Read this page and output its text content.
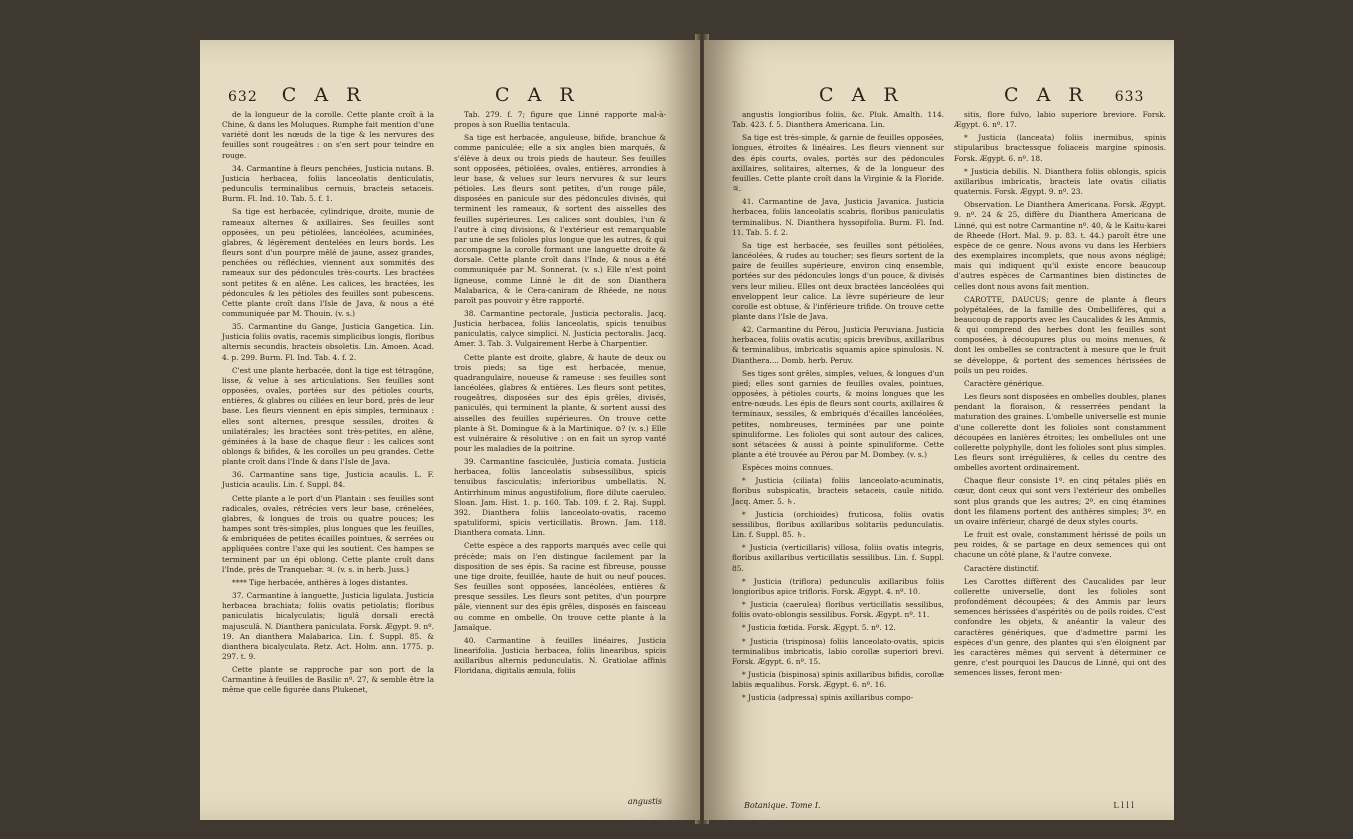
632 C A R	C A R

de la longueur de la corolle. Cette plante croît à la Chine, & dans les Moluques. Rumphe fait mention d'une variété dont les nœuds de la tige & les nervures des feuilles sont rougeâtres : on s'en sert pour teindre en rouge.

34. Carmantine à fleurs penchées, Justicia nutans. B. Justicia herbacea, foliis lanceolatis denticulatis, pedunculis terminalibus cernuis, bracteis setaceis. Burm. Fl. Ind. 10. Tab. 5. f. 1.

Sa tige est herbacée, cylindrique, droite, munie de rameaux alternes & axillaires. Ses feuilles sont opposées, un peu pétiolées, lancéolées, acuminées, glabres, & légèrement dentelées en leurs bords. Les fleurs sont d'un pourpre mêlé de jaune, assez grandes, penchées ou réfléchies, viennent aux sommités des rameaux sur des pédoncules très-courts. Les bractées sont petites & en alêne. Les calices, les bractées, les pédoncules & les pétioles des feuilles sont pubescens. Cette plante croît dans l'Isle de Java, & nous a été communiquée par M. Thouin. (v. s.)

35. Carmantine du Gange, Justicia Gangetica. Lin. Justicia foliis ovatis, racemis simplicibus longis, floribus alternis secundis, bracteis obsoletis. Lin. Amoen. Acad. 4. p. 299. Burm. Fl. Ind. Tab. 4. f. 2.

C'est une plante herbacée, dont la tige est tétragône, lisse, & velue à ses articulations. Ses feuilles sont opposées, ovales, portées sur des pétioles courts, entières, & glabres ou ciliées en leur bord, près de leur base. Les fleurs viennent en épis simples, terminaux : elles sont alternes, presque sessiles, droites & unilatérales; les bractées sont très-petites, en alêne, géminées à la base de chaque fleur : les calices sont oblongs & bifides, & les corolles un peu grandes. Cette plante croît dans l'Inde & dans l'Isle de Java.

36. Carmantine sans tige, Justicia acaulis. L. F. Justicia acaulis. Lin. f. Suppl. 84.

Cette plante a le port d'un Plantain : ses feuilles sont radicales, ovales, rétrécies vers leur base, crénelées, glabres, & longues de trois ou quatre pouces; les hampes sont très-simples, plus longues que les feuilles, & embriquées de petites écailles pointues, & serrées ou appliquées contre l'axe qui les soutient. Ces hampes se terminent par un épi oblong. Cette plante croît dans l'Inde, près de Tranquebar. ♃. (v. s. in herb. Juss.)

**** Tige herbacée, anthères à loges distantes.

37. Carmantine à languette, Justicia ligulata. Justicia herbacea brachiata; foliis ovatis petiolatis; floribus paniculatis bicalyculatis; ligulâ dorsali erectâ majusculâ. N. Dianthera paniculata. Forsk. Ægypt. 9. nº. 19. An dianthera Malabarica. Lin. f. Suppl. 85. & dianthera bicalyculata. Retz. Act. Holm. ann. 1775. p. 297. t. 9.

Cette plante se rapproche par son port de la Carmantine à feuilles de Basilic nº. 27, & semble être la même que celle figurée dans Plukenet,

Tab. 279. f. 7; figure que Linné rapporte mal-à-propos à son Ruellia tentacula.

Sa tige est herbacée, anguleuse, bifide, branchue & comme paniculée; elle a six angles bien marqués, & s'élève à deux ou trois pieds de hauteur. Ses feuilles sont opposées, pétiolées, ovales, entières, arrondies à leur base, & velues sur leurs nervures & sur leurs pétioles. Les fleurs sont petites, d'un rouge pâle, disposées en panicule sur des pédoncules divisés, qui terminent les rameaux, & sortent des aisselles des feuilles supérieures. Les calices sont doubles, l'un & l'autre à cinq divisions, & l'extérieur est remarquable par une de ses folioles plus longue que les autres, & qui accompagne la corolle formant une languette droite & dorsale. Cette plante croît dans l'Inde, & nous a été communiquée par M. Sonnerat. (v. s.) Elle n'est point ligneuse, comme Linné le dit de son Dianthera Malabarica, & le Cera-caniram de Rhéede, ne nous paroît pas pouvoir y être rapporté.

38. Carmantine pectorale, Justicia pectoralis. Jacq. Justicia herbacea, foliis lanceolatis, spicis tenuibus paniculatis, calyce simplici. N. Justicia pectoralis. Jacq. Amer. 3. Tab. 3. Vulgairement Herbe à Charpentier.

Cette plante est droite, glabre, & haute de deux ou trois pieds; sa tige est herbacée, menue, quadrangulaire, noueuse & rameuse : ses feuilles sont lancéolées, glabres & entières. Les fleurs sont petites, rougeâtres, disposées sur des épis grêles, divisés, paniculés, qui terminent la plante, & sortent aussi des aisselles des feuilles supérieures. On trouve cette plante à St. Domingue & à la Martinique. ⊙? (v. s.) Elle est vulnéraire & résolutive : on en fait un syrop vanté pour les maladies de la poitrine.

39. Carmantine fasciculée, Justicia comata. Justicia herbacea, foliis lanceolatis subsessilibus, spicis tenuibus fasciculatis; inferioribus umbellatis. N. Antirrhinum minus angustifolium, flore dilute caeruleo. Sloan. Jam. Hist. 1. p. 160. Tab. 109. f. 2. Raj. Suppl. 392. Dianthera foliis lanceolato-ovatis, racemo spatuliformi, spicis verticillatis. Brown. Jam. 118. Dianthera comata. Linn.

Cette espèce a des rapports marqués avec celle qui précède; mais on l'en distingue facilement par la disposition de ses épis. Sa racine est fibreuse, pousse une tige droite, feuillée, haute de huit ou neuf pouces. Ses feuilles sont opposées, lancéolées, entières & presque sessiles. Les fleurs sont petites, d'un pourpre pâle, viennent sur des épis grêles, disposés en faisceau ou comme en ombelle. On trouve cette plante à la Jamaïque.

40. Carmantine à feuilles linéaires, Justicia linearifolia. Justicia herbacea, foliis linearibus, spicis axillaribus alternis pedunculatis. N. Gratiolae affinis Floridana, digitalis æmula, foliis

angustis
C A R	C A R 633

angustis longioribus foliis, &c. Pluk. Amalth. 114. Tab. 423. f. 5. Dianthera Americana. Lin.

Sa tige est très-simple, & garnie de feuilles opposées, longues, étroites & linéaires. Les fleurs viennent sur des épis courts, ovales, portés sur des pédoncules axillaires, solitaires, alternes, & de la longueur des feuilles. Cette plante croît dans la Virginie & la Floride. ♃.

41. Carmantine de Java, Justicia Javanica. Justicia herbacea, foliis lanceolatis scabris, floribus paniculatis terminalibus. N. Dianthera hyssopifolia. Burm. Fl. Ind. 11. Tab. 5. f. 2.

Sa tige est herbacée, ses feuilles sont pétiolées, lancéolées, & rudes au toucher; ses fleurs sortent de la paire de feuilles supérieure, environ cinq ensemble, portées sur des pédoncules longs d'un pouce, & divisés vers leur milieu. Elles ont deux bractées lancéolées qui enveloppent leur calice. La lèvre supérieure de leur corolle est obtuse, & l'inférieure trifide. On trouve cette plante dans l'Isle de Java.

42. Carmantine du Pérou, Justicia Peruviana. Justicia herbacea, foliis ovatis acutis; spicis brevibus, axillaribus & terminalibus, imbricatis squamis apice spinulosis. N. Dianthera.... Domb. herb. Peruv.

Ses tiges sont grêles, simples, velues, & longues d'un pied; elles sont garnies de feuilles ovales, pointues, opposées, à pétioles courts, & moins longues que les entre-nœuds. Les épis de fleurs sont courts, axillaires & terminaux, sessiles, & embriqués d'écailles lancéolées, petites, nombreuses, terminées par une pointe spinuliforme. Les folioles qui sont autour des calices, sont sétacées & aussi à pointe spinuliforme. Cette plante a été trouvée au Pérou par M. Dombey. (v. s.)

Espèces moins connues.

* Justicia (ciliata) foliis lanceolato-acuminatis, floribus subspicatis, bracteis setaceis, caule nitido. Jacq. Amer. 5. ♄.

* Justicia (orchioides) fruticosa, foliis ovatis sessilibus, floribus axillaribus solitariis pedunculatis. Lin. f. Suppl. 85. ♄.

* Justicia (verticillaris) villosa, foliis ovatis integris, floribus axillaribus verticillatis sessilibus. Lin. f. Suppl. 85.

* Justicia (triflora) pedunculis axillaribus foliis longioribus apice trifloris. Forsk. Ægypt. 4. nº. 10.

* Justicia (caerulea) floribus verticillatis sessilibus, foliis ovato-oblongis sessilibus. Forsk. Ægypt. nº. 11.

* Justicia fœtida. Forsk. Ægypt. 5. nº. 12.

* Justicia (trispinosa) foliis lanceolato-ovatis, spicis terminalibus imbricatis, labio corollæ superiori brevi. Forsk. Ægypt. 6. nº. 15.

* Justicia (bispinosa) spinis axillaribus bifidis, corollæ labiis æqualibus. Forsk. Ægypt. 6. nº. 16.

* Justicia (adpressa) spinis axillaribus compo-

sitis, flore fulvo, labio superiore breviore. Forsk. Ægypt. 6. nº. 17.

* Justicia (lanceata) foliis inermibus, spinis stipularibus bractessque foliaceis margine spinosis. Forsk. Ægypt. 6. nº. 18.

* Justicia debilis. N. Dianthera foliis oblongis, spicis axillaribus imbricatis, bracteis late ovatis ciliatis quaternis. Forsk. Ægypt. 9. nº. 23.

Observation. Le Dianthera Americana. Forsk. Ægypt. 9. nº. 24 & 25, diffère du Dianthera Americana de Linné, qui est notre Carmantine nº. 40, & le Kaitu-karei de Rheede (Hort. Mal. 9. p. 83. t. 44.) paroît être une espèce de ce genre. Nous avons vu dans les Herbiers des exemplaires incomplets, que nous avons négligé; mais qui indiquent qu'il existe encore beaucoup d'autres espèces de Carmantines bien distinctes de celles dont nous avons fait mention.

CAROTTE, DAUCUS; genre de plante à fleurs polypétalées, de la famille des Ombellifères, qui a beaucoup de rapports avec les Caucalides & les Ammis, & qui comprend des herbes dont les feuilles sont composées, à découpures plus ou moins menues, & dont les ombelles se contractent à mesure que le fruit se développe, & portent des semences hérissées de poils un peu roides.

Caractère générique.

Les fleurs sont disposées en ombelles doubles, planes pendant la floraison, & resserrées pendant la maturation des graines. L'ombelle universelle est munie d'une collerette dont les folioles sont constamment découpées en lanières étroites; les ombellules ont une collerette polyphylle, dont les folioles sont plus simples. Les fleurs sont irrégulières, & celles du centre des ombelles avortent ordinairement.

Chaque fleur consiste 1º. en cinq pétales pliés en cœur, dont ceux qui sont vers l'extérieur des ombelles sont plus grands que les autres; 2º. en cinq étamines dont les filamens portent des anthères simples; 3º. en un ovaire inférieur, chargé de deux styles courts.

Le fruit est ovale, constamment hérissé de poils un peu roides, & se partage en deux semences qui ont chacune un côté plane, & l'autre convexe.

Caractère distinctif.

Les Carottes diffèrent des Caucalides par leur collerette universelle, dont les folioles sont profondément découpées; & des Ammis par leurs semences hérissées d'aspérités ou de poils roides. C'est confondre les objets, & anéantir la valeur des caractères génériques, que d'admettre parmi les espèces d'un genre, des plantes qui s'en éloignent par les caractères mêmes qui servent à déterminer ce genre, c'est pourquoi les Daucus de Linné, qui ont des semences lisses, feront men-

Botanique. Tome I.	L l l l
